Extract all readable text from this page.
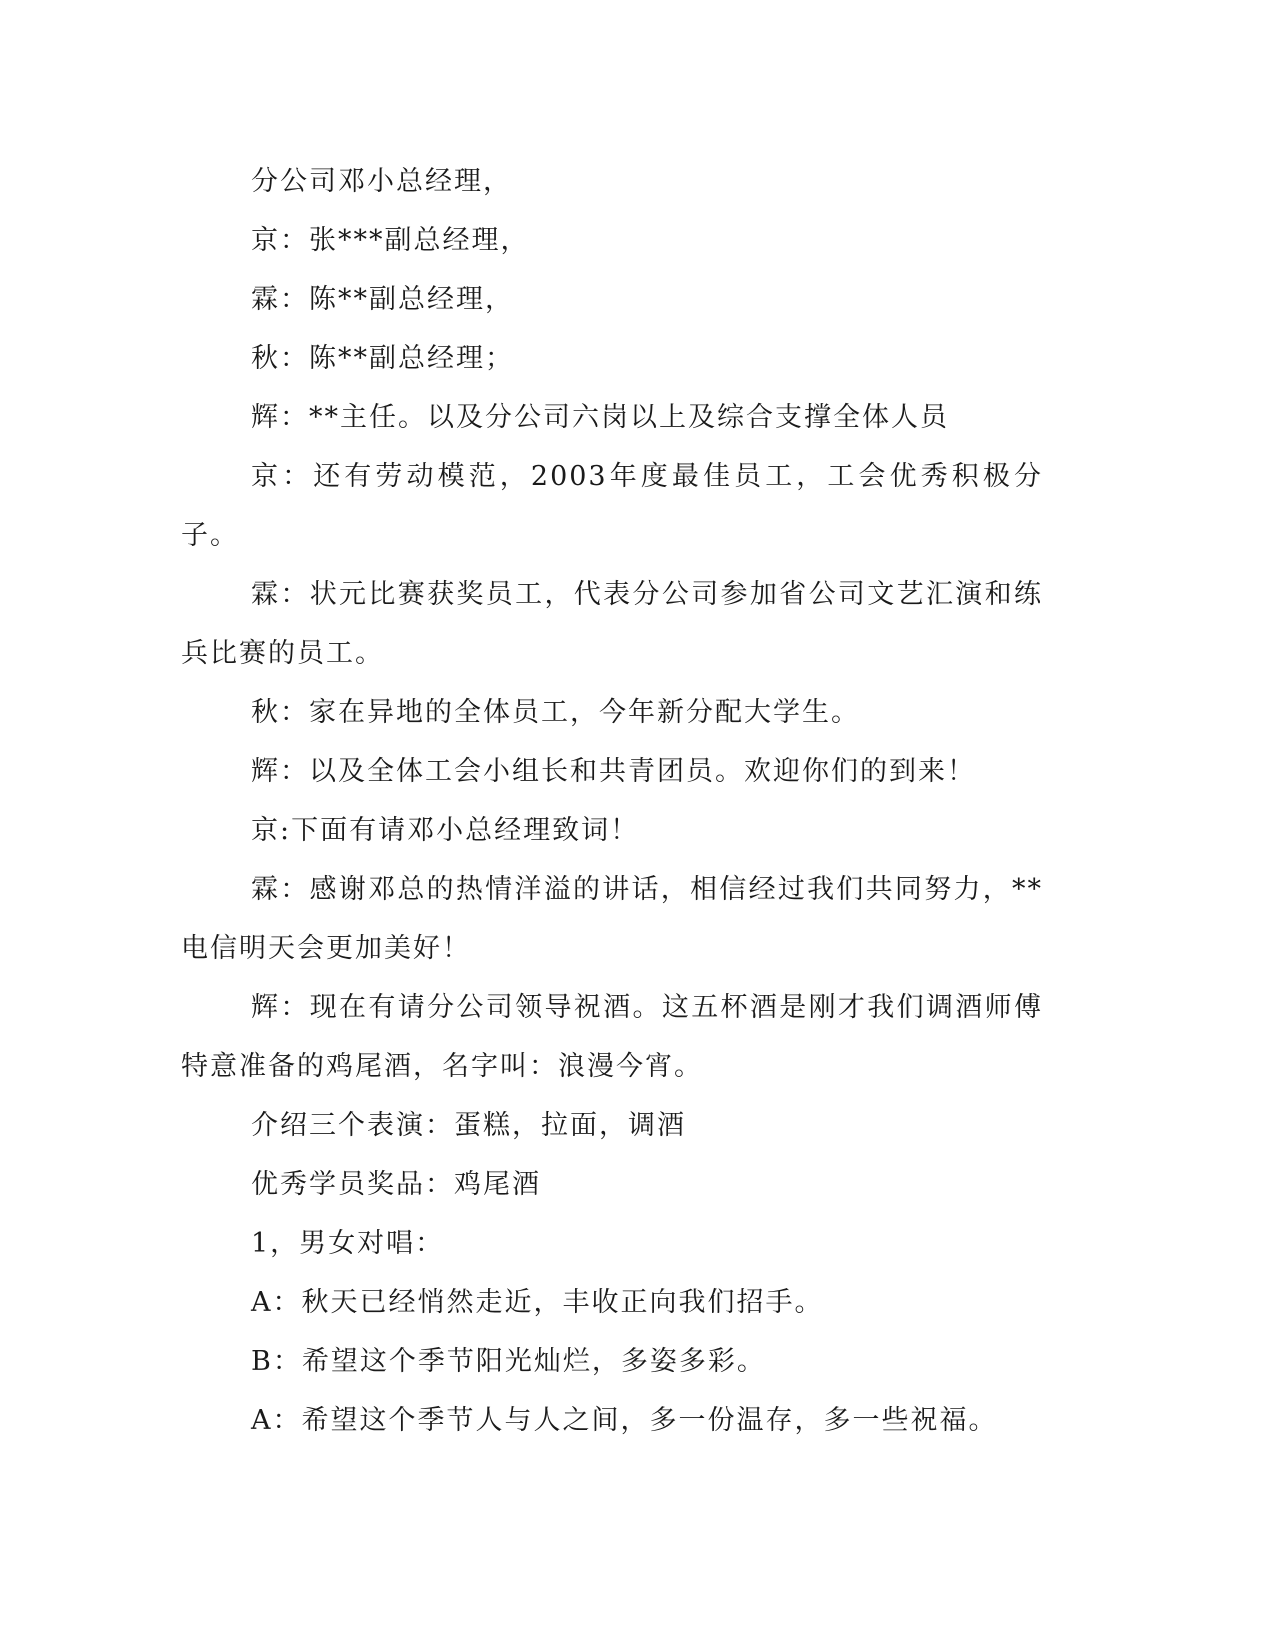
分公司邓小总经理，

京：张***副总经理，

霖：陈**副总经理，

秋：陈**副总经理；

辉：**主任。以及分公司六岗以上及综合支撑全体人员

京：还有劳动模范，2003年度最佳员工，工会优秀积极分子。

霖：状元比赛获奖员工，代表分公司参加省公司文艺汇演和练兵比赛的员工。

秋：家在异地的全体员工，今年新分配大学生。

辉：以及全体工会小组长和共青团员。欢迎你们的到来！

京:下面有请邓小总经理致词！

霖：感谢邓总的热情洋溢的讲话，相信经过我们共同努力，**电信明天会更加美好！

辉：现在有请分公司领导祝酒。这五杯酒是刚才我们调酒师傅特意准备的鸡尾酒，名字叫：浪漫今宵。

介绍三个表演：蛋糕，拉面，调酒

优秀学员奖品：鸡尾酒

1，男女对唱：

A：秋天已经悄然走近，丰收正向我们招手。

B：希望这个季节阳光灿烂，多姿多彩。

A：希望这个季节人与人之间，多一份温存，多一些祝福。
